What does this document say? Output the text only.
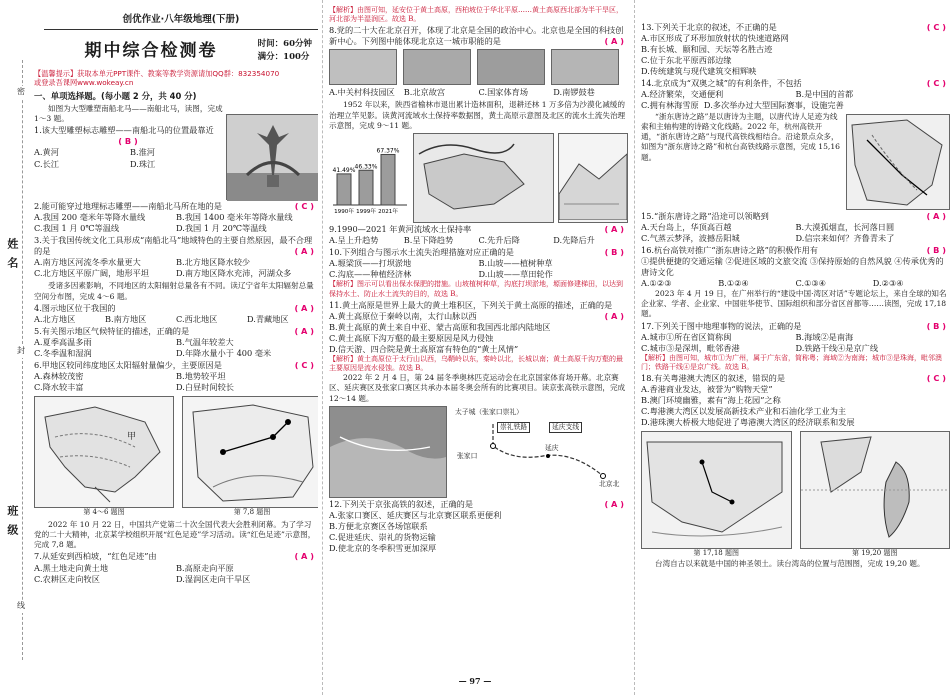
姓 名
班 级
密
封
线
创优作业·八年级地理(下册)
期中综合检测卷	时间：60分钟
满分：100分
【温馨提示】获取本单元PPT课件、教案等教学资源请加QQ群：832354070
或登录吾课网www.wokeay.cn
一、单项选择题。(每小题 2 分，共 40 分)

如图为大型雕塑南船北马——南船北马，读图，完成 1～3 题。

1.该大型雕塑标志雕塑——南船北马的位置最靠近

( B )

A.黄河	B.淮河
C.长江	D.珠江

2.能可能穿过地理标志雕塑——南船北马所在地的是	( C )

A.我国 200 毫米年等降水量线	B.我国 1400 毫米年等降水量线
C.我国 1 月 0℃等温线	D.我国 1 月 20℃等温线

3.关于我国传统文化工具形成“南船北马”地域特色的主要自然原因，最不合理的是	( A )

A.南方地区河流冬季水量更大	B.北方地区降水较少
C.北方地区平原广阔，地形平坦	D.南方地区降水充沛，河湖众多

受诸多因素影响，不同地区的太阳辐射总量各有不同。读辽宁省年太阳辐射总量空间分布图，完成 4～6 题。

4.图示地区位于我国的	( A )

A.北方地区	B.南方地区	C.西北地区	D.青藏地区

5.有关图示地区气候特征的描述，正确的是	( A )

A.夏季高温多雨	B.气温年较差大
C.冬季温和湿润	D.年降水量小于 400 毫米

6.甲地区较同纬度地区太阳辐射量偏少，主要原因是	( C )

A.森林较茂密	B.地势较平坦
C.降水较丰富	D.白昼时间较长
甲
第 4～6 题图	第 7,8 题图

2022 年 10 月 22 日，中国共产党第二十次全国代表大会胜利闭幕。为了学习党的二十大精神，北京某学校组织开展“红色足迹”学习活动。读“红色足迹”示意图，完成 7,8 题。

7.从延安到西柏坡，“红色足迹”由	( A )

A.黑土地走向黄土地	B.高原走向平原
C.农耕区走向牧区	D.湿润区走向干旱区

【解析】由图可知，延安位于黄土高原，西柏坡位于华北平原……黄土高原西北部为半干旱区，河北部为半湿润区。故选 B。

8.党的二十大在北京召开，体现了北京是全国的政治中心。北京也是全国的科技创新中心。下列图中能体现北京这一城市职能的是	( A )

A.中关村科技园区	B.北京故宫	C.国家体育场	D.南锣鼓巷

1952 年以来，陕西省榆林市退出累计造林面积，退耕还林 1 万多倍为沙漠化减缓的治理立竿见影。读黄河流域水土保持率数据图，黄土高原示意图及北区的流水土流失治理示意图，完成 9～11 题。

41.49%
1990年
46.33%
1999年
67.37%
2021年

9.1990—2021 年黄河流域水土保持率	( A )

A.呈上升趋势	B.呈下降趋势	C.先升后降	D.先降后升

10.下列组合与图示水土流失治理措施对应正确的是	( B )

A.塬梁顶——打坝淤地	B.山坡——植树种草
C.沟底——种植经济林	D.山坡——草田轮作

【解析】图示可以看出保水保肥的措施。山坡植树种草，沟底打坝淤地，塬面修建梯田，以达到保持水土、防止水土流失的目的，故选 B。

11.黄土高原是世界上最大的黄土堆积区，下列关于黄土高原的描述，正确的是
( A )

A.黄土高原位于秦岭以南，太行山脉以西

B.黄土高原的黄土来自中亚、蒙古高原和我国西北部内陆地区

C.黄土高原下沟万壑的最主要原因是风力侵蚀

D.信天游、四合院是黄土高原富有特色的“黄土风情”

【解析】黄土高原位于太行山以西，乌鞘岭以东，秦岭以北，长城以南；黄土高原千沟万壑的最主要原因是流水侵蚀。故选 B。

2022 年 2 月 4 日，第 24 届冬季奥林匹克运动会在北京国家体育场开幕。北京赛区、延庆赛区及张家口赛区共承办本届冬奥会所有的比赛项目。读京张高铁示意图，完成 12～14 题。

太子城（张家口崇礼）
崇礼铁路	延庆支线
延庆
张家口
北京北

12.下列关于京张高铁的叙述，正确的是	( A )

A.张家口赛区、延庆赛区与北京赛区联系更便利

B.方便北京赛区各场馆联系

C.促进延庆、崇礼的货物运输

D.使北京的冬季积雪更加深厚

13.下列关于北京的叙述，不正确的是	( C )

A.市区形成了环形加放射状的快速道路网

B.有长城、颐和园、天坛等名胜古迹

C.位于东北平原西部边缘

D.传统建筑与现代建筑交相辉映

14.北京成为“双奥之城”的有利条件，不包括	( C )

A.经济繁荣，交通便利	B.是中国的首都

C.拥有林海雪原 D.多次举办过大型国际赛事，设施完善

“浙东唐诗之路”是以唐诗为主题，以唐代诗人足迹为线索和主轴构建的诗路文化线路。2022 年，杭州高铁开通，“浙东唐诗之路”与现代高铁线相结合。沿途景点众多，如图为“浙东唐诗之路”和杭台高铁线路示意图，完成 15,16 题。

15.“浙东唐诗之路”沿途可以领略到	( A )

A.天台岛上，华顶高百越	B.大漠孤烟直，长河落日圆
C.气蒸云梦泽，波撼岳阳城	D.信宗来如何？齐鲁青未了

16.杭台高铁对推广“浙东唐诗之路”的积极作用有	( B )

①提供便捷的交通运输 ②促进区域的文旅交流 ③保持原始的自然风貌 ④传承优秀的唐诗文化

A.①②③	B.①②④	C.①③④	D.②③④

2023 年 4 月 19 日，在广州举行的“建设中国·湾区对话”专题论坛上，来自全球的知名企业家、学者、企业家、中国驻华使节、国际组织和部分省区首都等……读图，完成 17,18 题。

17.下列关于图中地理事物的说法，正确的是	( B )

A.城市①所在省区简称闽	B.海域②是南海
C.城市③是深圳，毗邻香港	D.铁路干线④是京广线

【解析】由图可知，城市①为广州，属于广东省，简称粤；海域②为南海；城市③是珠海，毗邻澳门；铁路干线④是京广线。故选 B。

18.有关粤港澳大湾区的叙述，错误的是	( C )

A.香港商业发达，被誉为“购物天堂”

B.澳门环境幽雅，素有“海上花园”之称

C.粤港澳大湾区以发展高新技术产业和石油化学工业为主

D.港珠澳大桥极大地促进了粤港澳大湾区的经济联系和发展

第 17,18 题图	第 19,20 题图

台湾自古以来就是中国的神圣领土。读台湾岛的位置与范围图，完成 19,20 题。

— 97 —
